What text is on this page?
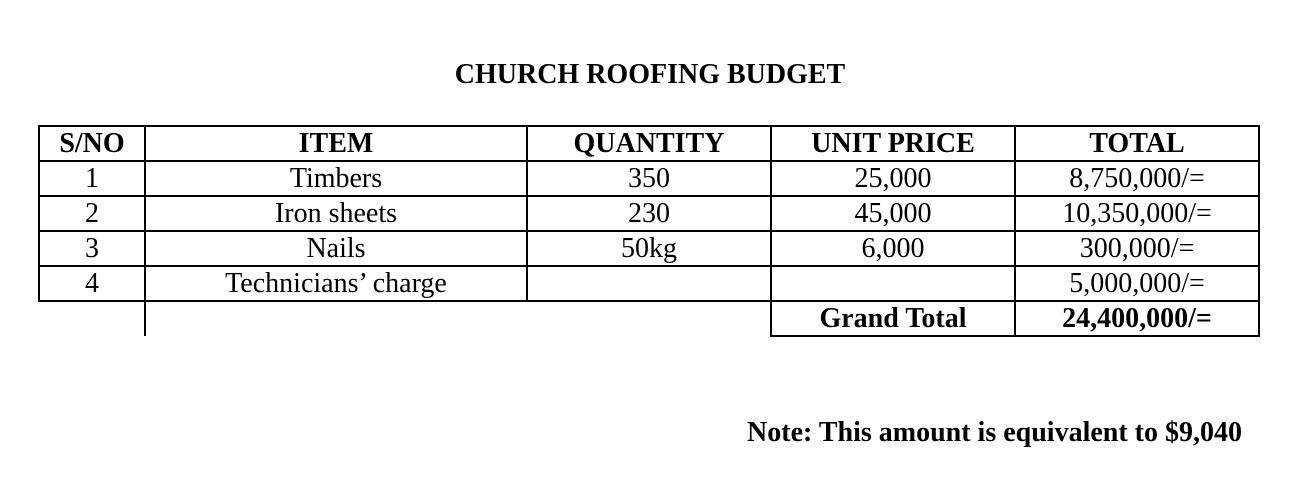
CHURCH ROOFING BUDGET
S/NO	ITEM	QUANTITY	UNIT PRICE	TOTAL
1	Timbers	350	25,000	8,750,000/=
2	Iron sheets	230	45,000	10,350,000/=
3	Nails	50kg	6,000	300,000/=
4	Technicians’ charge			5,000,000/=
			Grand Total	24,400,000/=
Note: This amount is equivalent to $9,040
